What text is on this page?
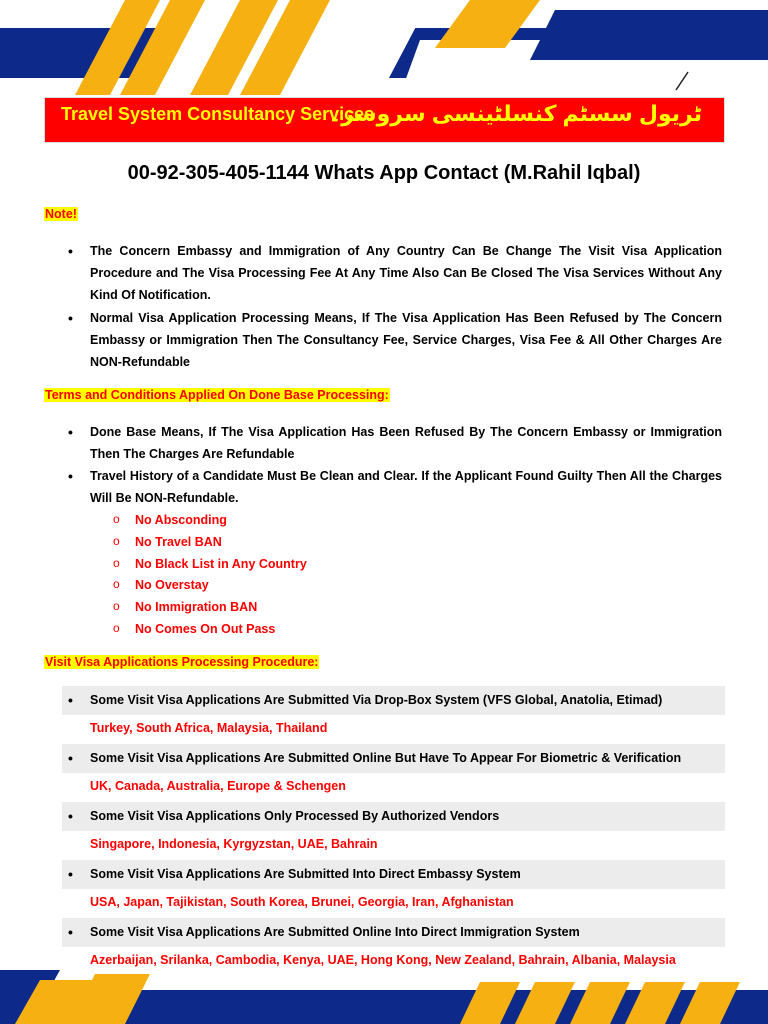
Travel System Consultancy Services
ٹریول سسٹم کنسلٹینسی سروسز۔
00-92-305-405-1144 Whats App Contact (M.Rahil Iqbal)
Note!
• The Concern Embassy and Immigration of Any Country Can Be Change The Visit Visa Application Procedure and The Visa Processing Fee At Any Time Also Can Be Closed The Visa Services Without Any Kind Of Notification.
• Normal Visa Application Processing Means, If The Visa Application Has Been Refused by The Concern Embassy or Immigration Then The Consultancy Fee, Service Charges, Visa Fee & All Other Charges Are NON-Refundable
Terms and Conditions Applied On Done Base Processing:
• Done Base Means, If The Visa Application Has Been Refused By The Concern Embassy or Immigration Then The Charges Are Refundable
• Travel History of a Candidate Must Be Clean and Clear. If the Applicant Found Guilty Then All the Charges Will Be NON-Refundable.
o No Absconding
o No Travel BAN
o No Black List in Any Country
o No Overstay
o No Immigration BAN
o No Comes On Out Pass
Visit Visa Applications Processing Procedure:
• Some Visit Visa Applications Are Submitted Via Drop-Box System (VFS Global, Anatolia, Etimad)
Turkey, South Africa, Malaysia, Thailand
• Some Visit Visa Applications Are Submitted Online But Have To Appear For Biometric & Verification
UK, Canada, Australia, Europe & Schengen
• Some Visit Visa Applications Only Processed By Authorized Vendors
Singapore, Indonesia, Kyrgyzstan, UAE, Bahrain
• Some Visit Visa Applications Are Submitted Into Direct Embassy System
USA, Japan, Tajikistan, South Korea, Brunei, Georgia, Iran, Afghanistan
• Some Visit Visa Applications Are Submitted Online Into Direct Immigration System
Azerbaijan, Srilanka, Cambodia, Kenya, UAE, Hong Kong, New Zealand, Bahrain, Albania, Malaysia
